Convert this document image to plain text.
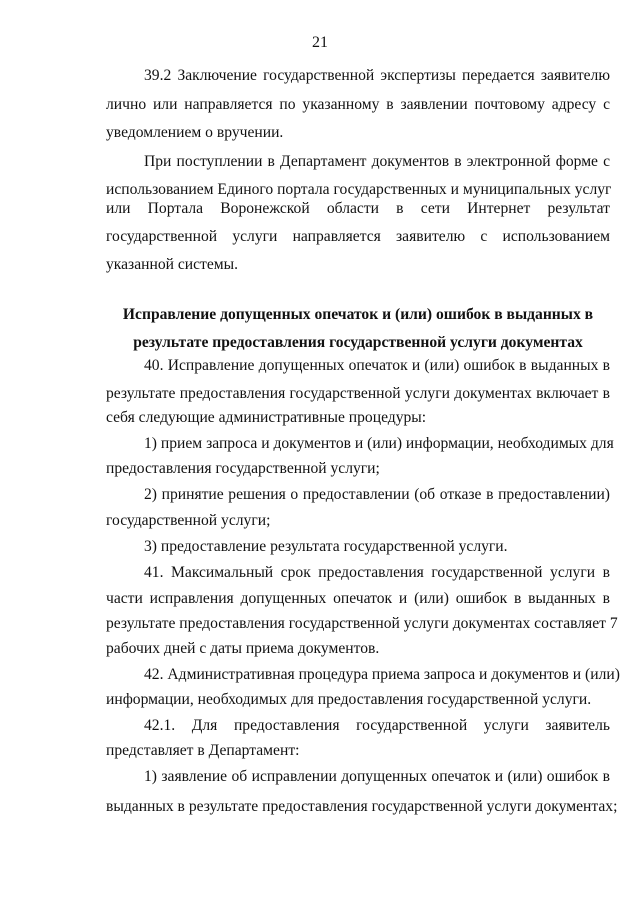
21
39.2 Заключение государственной экспертизы передается заявителю
лично или направляется по указанному в заявлении почтовому адресу с
уведомлением о вручении.
При поступлении в Департамент документов в электронной форме с
использованием Единого портала государственных и муниципальных услуг
или Портала Воронежской области в сети Интернет результат
государственной услуги направляется заявителю с использованием
указанной системы.
Исправление допущенных опечаток и (или) ошибок в выданных в
результате предоставления государственной услуги документах
40. Исправление допущенных опечаток и (или) ошибок в выданных в
результате предоставления государственной услуги документах включает в
себя следующие административные процедуры:
1) прием запроса и документов и (или) информации, необходимых для
предоставления государственной услуги;
2) принятие решения о предоставлении (об отказе в предоставлении)
государственной услуги;
3) предоставление результата государственной услуги.
41. Максимальный срок предоставления государственной услуги в
части исправления допущенных опечаток и (или) ошибок в выданных в
результате предоставления государственной услуги документах составляет 7
рабочих дней с даты приема документов.
42. Административная процедура приема запроса и документов и (или)
информации, необходимых для предоставления государственной услуги.
42.1. Для предоставления государственной услуги заявитель
представляет в Департамент:
1) заявление об исправлении допущенных опечаток и (или) ошибок в
выданных в результате предоставления государственной услуги документах;
